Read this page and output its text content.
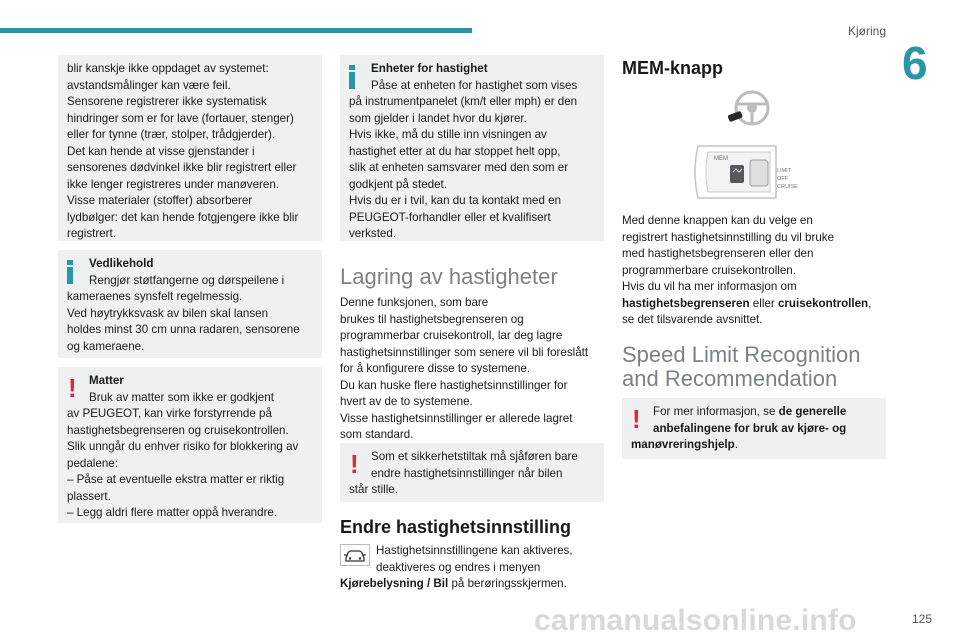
Kjøring
6

blir kanskje ikke oppdaget av systemet:

avstandsmålinger kan være feil.

Sensorene registrerer ikke systematisk

hindringer som er for lave (fortauer, stenger)

eller for tynne (trær, stolper, trådgjerder).

Det kan hende at visse gjenstander i

sensorenes dødvinkel ikke blir registrert eller

ikke lenger registreres under manøveren.

Visse materialer (stoffer) absorberer

lydbølger: det kan hende fotgjengere ikke blir

registrert.

Vedlikehold

Rengjør støtfangerne og dørspeilene i

kameraenes synsfelt regelmessig.

Ved høytrykksvask av bilen skal lansen

holdes minst 30 cm unna radaren, sensorene

og kameraene.

!	Matter

Bruk av matter som ikke er godkjent

av PEUGEOT, kan virke forstyrrende på

hastighetsbegrenseren og cruisekontrollen.

Slik unngår du enhver risiko for blokkering av

pedalene:

– Påse at eventuelle ekstra matter er riktig

plassert.

– Legg aldri flere matter oppå hverandre.

Enheter for hastighet

Påse at enheten for hastighet som vises

på instrumentpanelet (km/t eller mph) er den

som gjelder i landet hvor du kjører.

Hvis ikke, må du stille inn visningen av

hastighet etter at du har stoppet helt opp,

slik at enheten samsvarer med den som er

godkjent på stedet.

Hvis du er i tvil, kan du ta kontakt med en

PEUGEOT-forhandler eller et kvalifisert

verksted.

Lagring av hastigheter

Denne funksjonen, som bare

brukes til hastighetsbegrenseren og

programmerbar cruisekontroll, lar deg lagre

hastighetsinnstillinger som senere vil bli foreslått

for å konfigurere disse to systemene.

Du kan huske flere hastighetsinnstillinger for

hvert av de to systemene.

Visse hastighetsinnstillinger er allerede lagret

som standard.

!	Som et sikkerhetstiltak må sjåføren bare

endre hastighetsinnstillinger når bilen

står stille.

Endre hastighetsinnstilling

Hastighetsinnstillingene kan aktiveres,

deaktiveres og endres i menyen

Kjørebelysning / Bil på berøringsskjermen.

MEM-knapp
MEM
LIMIT
OFF
CRUISE

Med denne knappen kan du velge en

registrert hastighetsinnstilling du vil bruke

med hastighetsbegrenseren eller den

programmerbare cruisekontrollen.

Hvis du vil ha mer informasjon om

hastighetsbegrenseren eller cruisekontrollen,

se det tilsvarende avsnittet.

Speed Limit Recognition
and Recommendation
!	For mer informasjon, se de generelle

anbefalingene for bruk av kjøre- og

manøvreringshjelp.

carmanualsonline.info	125
